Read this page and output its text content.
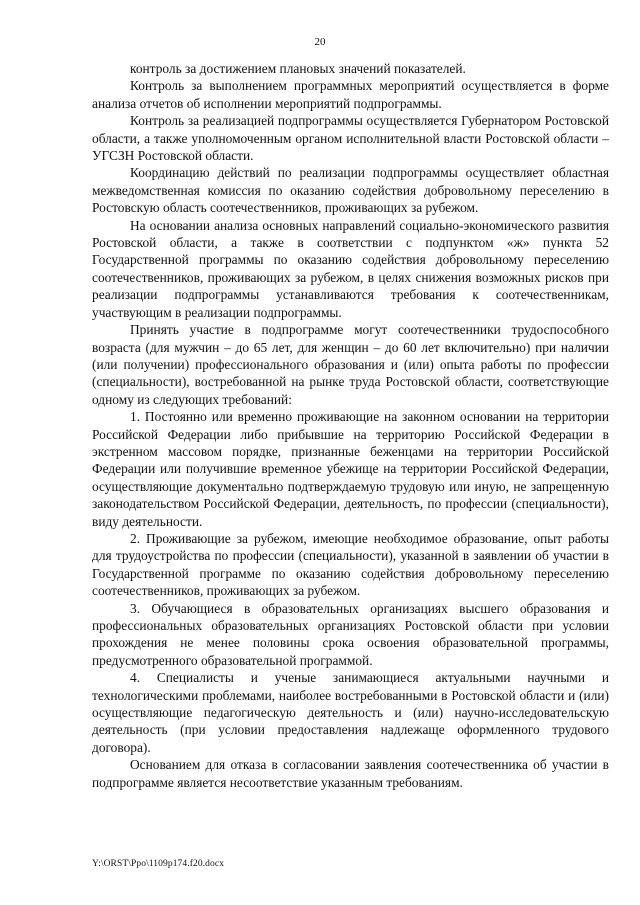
20

контроль за достижением плановых значений показателей.

Контроль за выполнением программных мероприятий осуществляется в форме анализа отчетов об исполнении мероприятий подпрограммы.

Контроль за реализацией подпрограммы осуществляется Губернатором Ростовской области, а также уполномоченным органом исполнительной власти Ростовской области – УГСЗН Ростовской области.

Координацию действий по реализации подпрограммы осуществляет областная межведомственная комиссия по оказанию содействия добровольному переселению в Ростовскую область соотечественников, проживающих за рубежом.

На основании анализа основных направлений социально-экономического развития Ростовской области, а также в соответствии с подпунктом «ж» пункта 52 Государственной программы по оказанию содействия добровольному переселению соотечественников, проживающих за рубежом, в целях снижения возможных рисков при реализации подпрограммы устанавливаются требования к соотечественникам, участвующим в реализации подпрограммы.

Принять участие в подпрограмме могут соотечественники трудоспособного возраста (для мужчин – до 65 лет, для женщин – до 60 лет включительно) при наличии (или получении) профессионального образования и (или) опыта работы по профессии (специальности), востребованной на рынке труда Ростовской области, соответствующие одному из следующих требований:

1. Постоянно или временно проживающие на законном основании на территории Российской Федерации либо прибывшие на территорию Российской Федерации в экстренном массовом порядке, признанные беженцами на территории Российской Федерации или получившие временное убежище на территории Российской Федерации, осуществляющие документально подтверждаемую трудовую или иную, не запрещенную законодательством Российской Федерации, деятельность, по профессии (специальности), виду деятельности.

2. Проживающие за рубежом, имеющие необходимое образование, опыт работы для трудоустройства по профессии (специальности), указанной в заявлении об участии в Государственной программе по оказанию содействия добровольному переселению соотечественников, проживающих за рубежом.

3. Обучающиеся в образовательных организациях высшего образования и профессиональных образовательных организациях Ростовской области при условии прохождения не менее половины срока освоения образовательной программы, предусмотренного образовательной программой.

4. Специалисты и ученые занимающиеся актуальными научными и технологическими проблемами, наиболее востребованными в Ростовской области и (или) осуществляющие педагогическую деятельность и (или) научно-исследовательскую деятельность (при условии предоставления надлежаще оформленного трудового договора).

Основанием для отказа в согласовании заявления соотечественника об участии в подпрограмме является несоответствие указанным требованиям.

Y:\ORST\Ppo\1109p174.f20.docx
